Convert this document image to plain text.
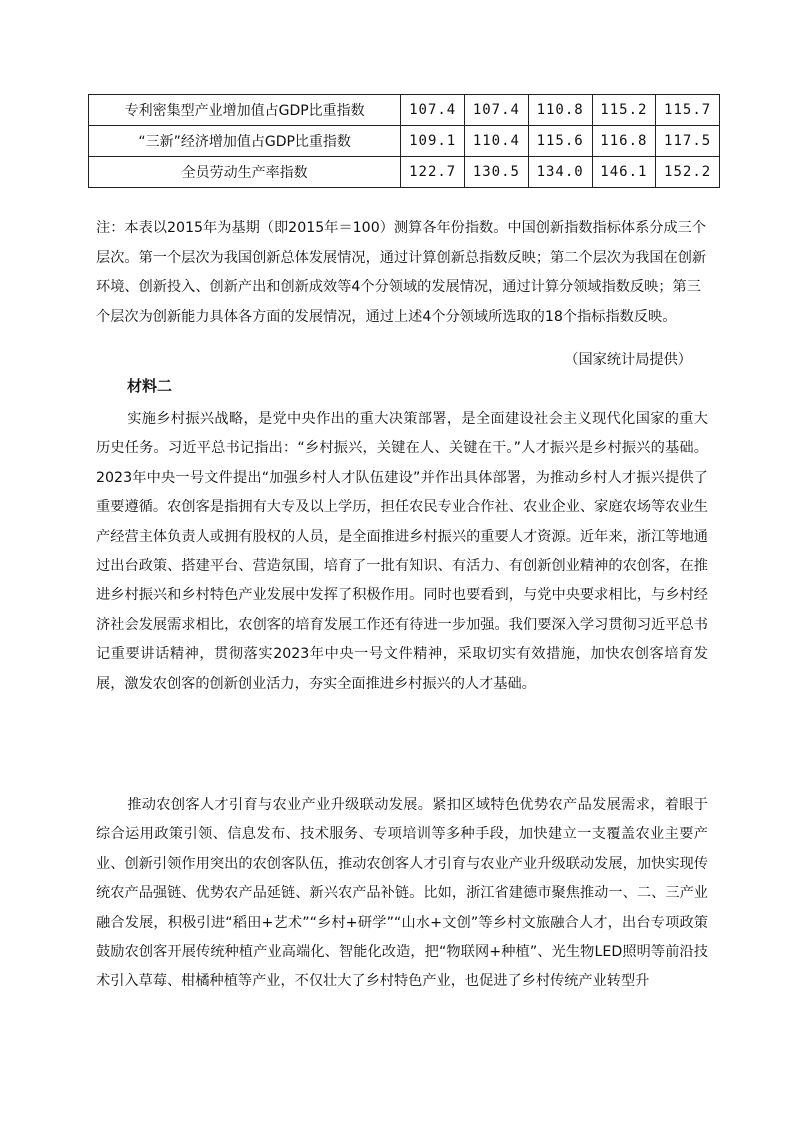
专利密集型产业增加值占GDP比重指数	107.4	107.4	110.8	115.2	115.7
“三新”经济增加值占GDP比重指数	109.1	110.4	115.6	116.8	117.5
全员劳动生产率指数	122.7	130.5	134.0	146.1	152.2
注：本表以2015年为基期（即2015年＝100）测算各年份指数。中国创新指数指标体系分成三个层次。第一个层次为我国创新总体发展情况，通过计算创新总指数反映；第二个层次为我国在创新环境、创新投入、创新产出和创新成效等4个分领域的发展情况，通过计算分领域指数反映；第三个层次为创新能力具体各方面的发展情况，通过上述4个分领域所选取的18个指标指数反映。
（国家统计局提供）
材料二
实施乡村振兴战略，是党中央作出的重大决策部署，是全面建设社会主义现代化国家的重大历史任务。习近平总书记指出：“乡村振兴，关键在人、关键在干。”人才振兴是乡村振兴的基础。2023年中央一号文件提出“加强乡村人才队伍建设”并作出具体部署，为推动乡村人才振兴提供了重要遵循。农创客是指拥有大专及以上学历，担任农民专业合作社、农业企业、家庭农场等农业生产经营主体负责人或拥有股权的人员，是全面推进乡村振兴的重要人才资源。近年来，浙江等地通过出台政策、搭建平台、营造氛围，培育了一批有知识、有活力、有创新创业精神的农创客，在推进乡村振兴和乡村特色产业发展中发挥了积极作用。同时也要看到，与党中央要求相比，与乡村经济社会发展需求相比，农创客的培育发展工作还有待进一步加强。我们要深入学习贯彻习近平总书记重要讲话精神，贯彻落实2023年中央一号文件精神，采取切实有效措施，加快农创客培育发展，激发农创客的创新创业活力，夯实全面推进乡村振兴的人才基础。
推动农创客人才引育与农业产业升级联动发展。紧扣区域特色优势农产品发展需求，着眼于综合运用政策引领、信息发布、技术服务、专项培训等多种手段，加快建立一支覆盖农业主要产业、创新引领作用突出的农创客队伍，推动农创客人才引育与农业产业升级联动发展，加快实现传统农产品强链、优势农产品延链、新兴农产品补链。比如，浙江省建德市聚焦推动一、二、三产业融合发展，积极引进“稻田+艺术”“乡村+研学”“山水+文创”等乡村文旅融合人才，出台专项政策鼓励农创客开展传统种植产业高端化、智能化改造，把“物联网+种植”、光生物LED照明等前沿技术引入草莓、柑橘种植等产业，不仅壮大了乡村特色产业，也促进了乡村传统产业转型升
